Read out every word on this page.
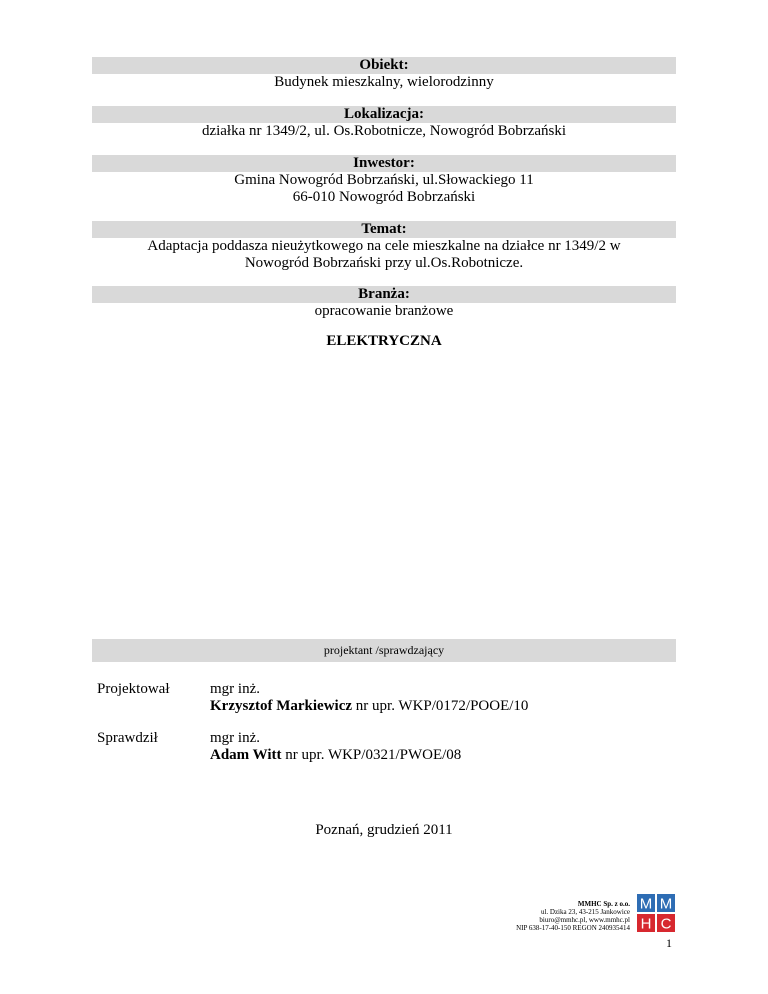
Obiekt:
Budynek mieszkalny, wielorodzinny
Lokalizacja:
działka nr 1349/2, ul. Os.Robotnicze, Nowogród Bobrzański
Inwestor:
Gmina Nowogród Bobrzański, ul.Słowackiego 11
66-010 Nowogród Bobrzański
Temat:
Adaptacja poddasza nieużytkowego na cele mieszkalne na działce nr 1349/2 w
Nowogród Bobrzański przy ul.Os.Robotnicze.
Branża:
opracowanie branżowe
ELEKTRYCZNA
projektant /sprawdzający
Projektował	mgr inż.
Krzysztof Markiewicz nr upr. WKP/0172/POOE/10
Sprawdził	mgr inż.
Adam Witt nr upr. WKP/0321/PWOE/08
Poznań, grudzień 2011
MMHC Sp. z o.o.
ul. Dzika 23, 43-215 Jankowice
biuro@mmhc.pl, www.mmhc.pl
NIP 638-17-40-150 REGON 240935414
M M
H C
1
